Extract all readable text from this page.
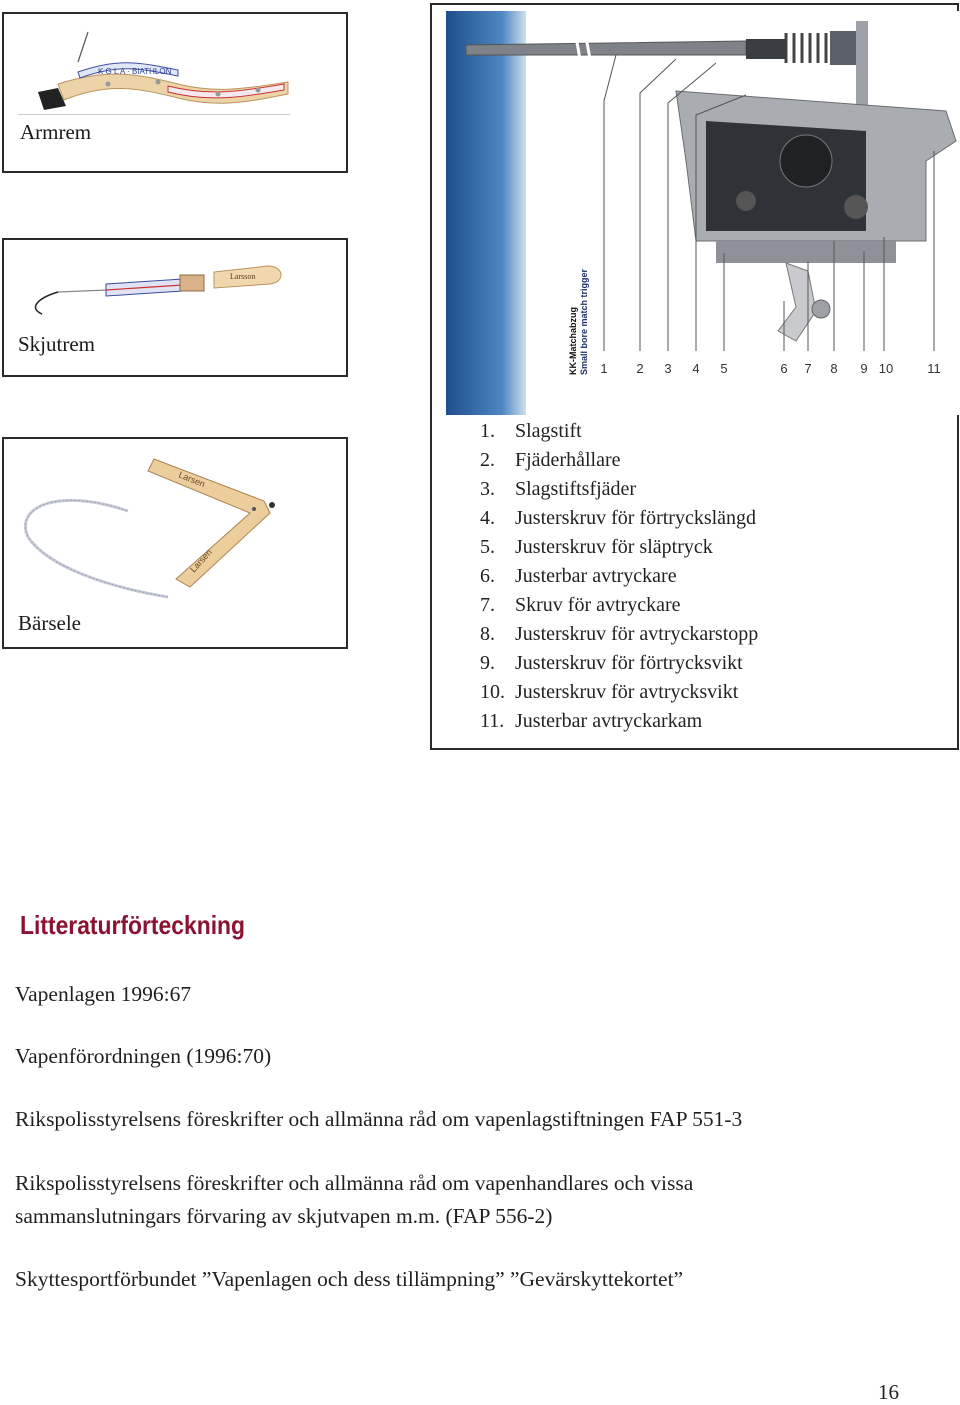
K G L A · BIATHLON
Armrem
Larsson
Skjutrem
Larsen
Larsen
Bärsele
1 2 3 4 5	6 7 8 9 10	11
KK-Matchabzug Small bore match trigger
1.	Slagstift
2.	Fjäderhållare
3.	Slagstiftsfjäder
4.	Justerskruv för förtryckslängd
5.	Justerskruv för släptryck
6.	Justerbar avtryckare
7.	Skruv för avtryckare
8.	Justerskruv för avtryckarstopp
9.	Justerskruv för förtrycksvikt
10. Justerskruv för avtrycksvikt
11. Justerbar avtryckarkam
Litteraturförteckning
Vapenlagen 1996:67
Vapenförordningen (1996:70)
Rikspolisstyrelsens föreskrifter och allmänna råd om vapenlagstiftningen FAP 551-3
Rikspolisstyrelsens föreskrifter och allmänna råd om vapenhandlares och vissa sammanslutningars förvaring av skjutvapen m.m. (FAP 556-2)
Skyttesportförbundet ”Vapenlagen och dess tillämpning” ”Gevärskyttekortet”
16
